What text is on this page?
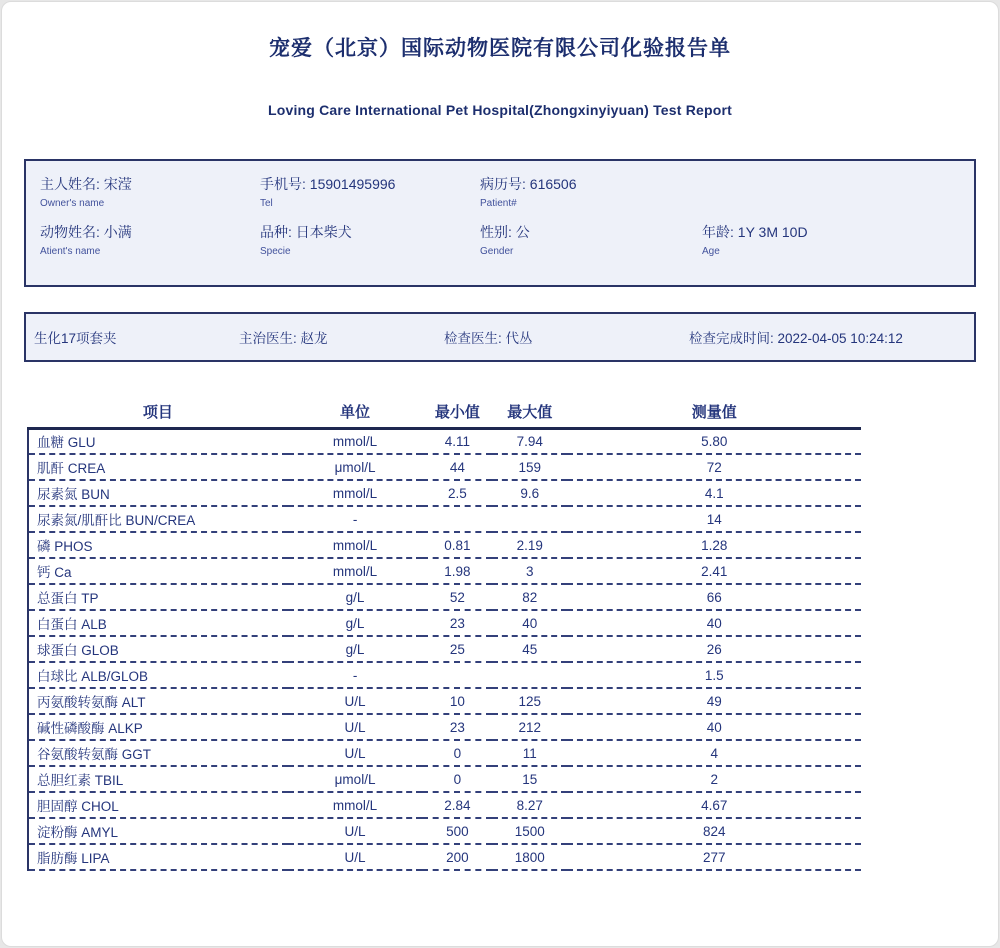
宠爱（北京）国际动物医院有限公司化验报告单
Loving Care International Pet Hospital(Zhongxinyiyuan) Test Report
主人姓名: 宋滢
Owner's name
手机号: 15901495996
Tel
病历号: 616506
Patient#
动物姓名: 小满
Atient's name
品种: 日本柴犬
Specie
性别: 公
Gender
年龄: 1Y 3M 10D
Age
生化17项套夹	主治医生: 赵龙	检查医生: 代丛	检查完成时间: 2022-04-05 10:24:12
项目	单位	最小值	最大值	测量值	
血糖 GLU	mmol/L	4.11	7.94	5.80	
肌酐 CREA	μmol/L	44	159	72	
尿素氮 BUN	mmol/L	2.5	9.6	4.1	
尿素氮/肌酐比 BUN/CREA	-			14	
磷 PHOS	mmol/L	0.81	2.19	1.28	
钙 Ca	mmol/L	1.98	3	2.41	
总蛋白 TP	g/L	52	82	66	
白蛋白 ALB	g/L	23	40	40	
球蛋白 GLOB	g/L	25	45	26	
白球比 ALB/GLOB	-			1.5	
丙氨酸转氨酶 ALT	U/L	10	125	49	
碱性磷酸酶 ALKP	U/L	23	212	40	
谷氨酸转氨酶 GGT	U/L	0	11	4	
总胆红素 TBIL	μmol/L	0	15	2	
胆固醇 CHOL	mmol/L	2.84	8.27	4.67	
淀粉酶 AMYL	U/L	500	1500	824	
脂肪酶 LIPA	U/L	200	1800	277	
